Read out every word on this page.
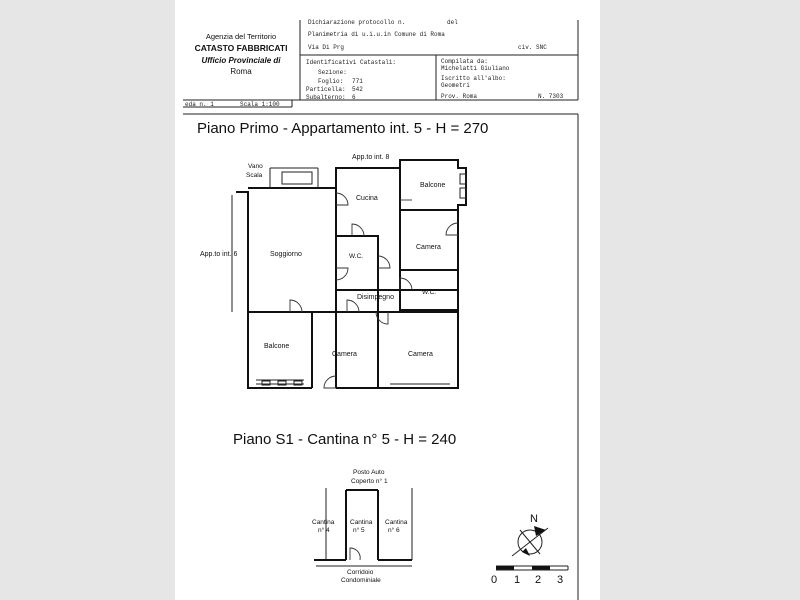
Agenzia del Territorio
CATASTO FABBRICATI
Ufficio Provinciale di
Roma
Dichiarazione protocollo n.	del
Planimetria di u.i.u.in Comune di Roma
Via Di Prg	civ. SNC
Identificativi Catastali:
Sezione:
Foglio: 771
Particella: 542
Subalterno: 6
Compilata da:
Michelatti Giuliano
Iscritto all'albo:
Geometri
Prov. Roma	N. 7303
eda n. 1	Scala 1:100
Piano Primo - Appartamento int. 5 - H = 270
Vano
Scala
App.to int. 8
App.to int. 6
Cucina
Balcone
Soggiorno	W.C.
Camera
Disimpegno
W.C.
Balcone
Camera	Camera
Piano S1 - Cantina n° 5 - H = 240
Posto Auto
Coperto n° 1
Cantina
n° 4
Cantina
n° 5
Cantina
n° 6
Corridoio
Condominiale
N
0 1 2 3
